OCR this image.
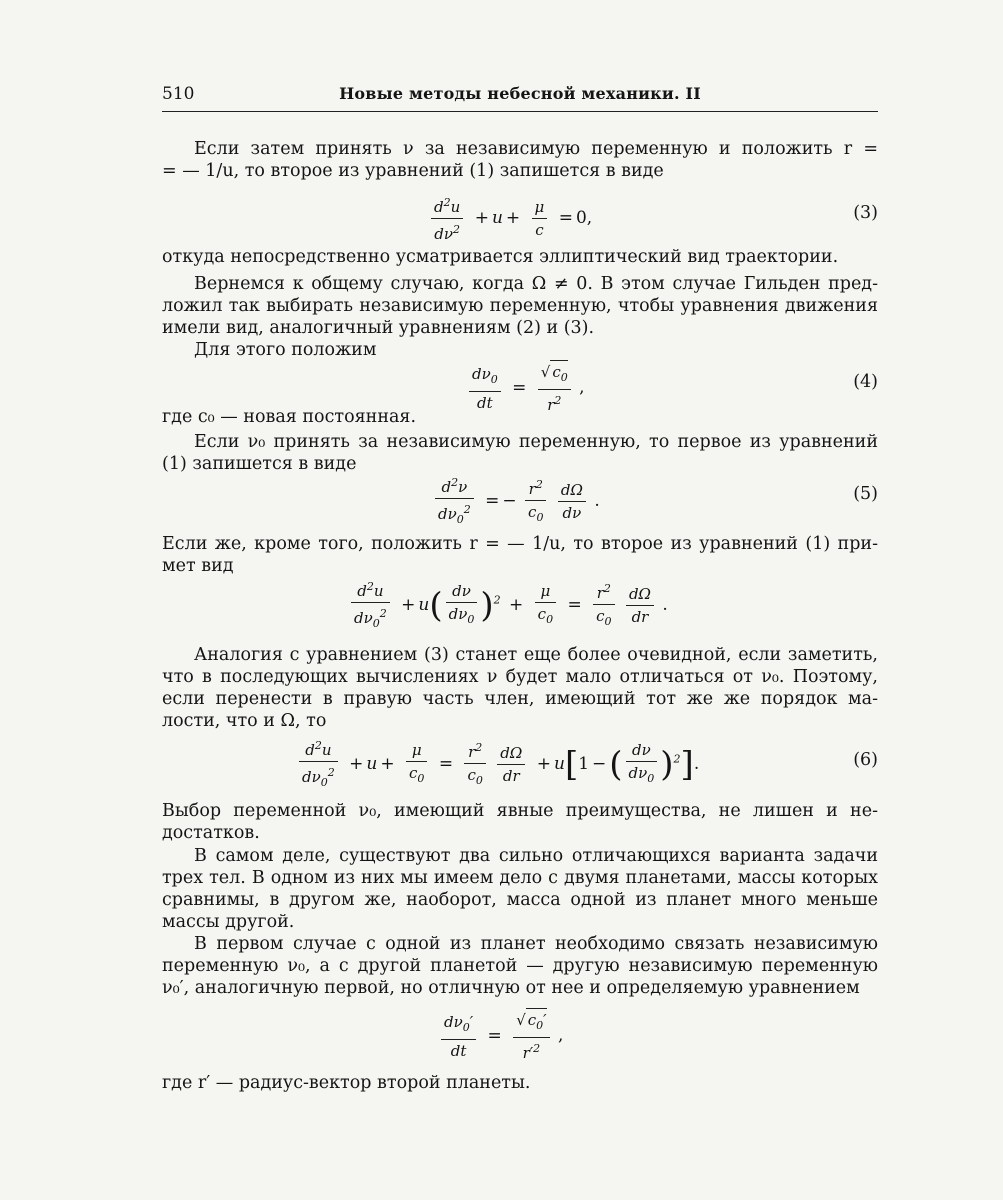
510	Новые методы небесной механики. II
Если затем принять ν за независимую переменную и положить r =
= — 1/u, то второе из уравнений (1) запишется в виде
$\frac{d^2u}{d\nu^2} + u + \frac{\mu}{c} = 0$,	(3)
откуда непосредственно усматривается эллиптический вид траектории.
Вернемся к общему случаю, когда Ω ≠ 0. В этом случае Гильден пред-
ложил так выбирать независимую переменную, чтобы уравнения движения
имели вид, аналогичный уравнениям (2) и (3).
Для этого положим
$\frac{d\nu_0}{dt} = \frac{√ c_0}{r^2}$ ,	(4)
где c₀ — новая постоянная.
Если ν₀ принять за независимую переменную, то первое из уравнений
(1) запишется в виде
$\frac{d^2\nu}{d\nu_0^2}$ = − $\frac{r^2}{c_0}$
$\frac{d\Omega}{d\nu}$ .	(5)
Если же, кроме того, положить r = — 1/u, то второе из уравнений (1) при-
мет вид
$\frac{d^2u}{d\nu_0^2} + u( \frac{d\nu}{d\nu_0} )^2 + \frac{\mu}{c_0} = \frac{r^2}{c_0}$
$\frac{d\Omega}{dr}$ .
Аналогия с уравнением (3) станет еще более очевидной, если заметить,
что в последующих вычислениях ν будет мало отличаться от ν₀. Поэтому,
если перенести в правую часть член, имеющий тот же же порядок ма-
лости, что и Ω, то
$\frac{d^2u}{d\nu_0^2} + u + \frac{\mu}{c_0} = \frac{r^2}{c_0}$
$\frac{d\Omega}{dr} + u[1$ −( $\frac{d\nu}{d\nu_0} )^2$].	(6)
Выбор переменной ν₀, имеющий явные преимущества, не лишен и не-
достатков.
В самом деле, существуют два сильно отличающихся варианта задачи
трех тел. В одном из них мы имеем дело с двумя планетами, массы которых
сравнимы, в другом же, наоборот, масса одной из планет много меньше
массы другой.
В первом случае с одной из планет необходимо связать независимую
переменную ν₀, а с другой планетой — другую независимую переменную
ν₀′, аналогичную первой, но отличную от нее и определяемую уравнением
$\frac{d\nu_0'}{dt} = \frac{√ c_0'}{r'^2}$ ,
где r′ — радиус-вектор второй планеты.
